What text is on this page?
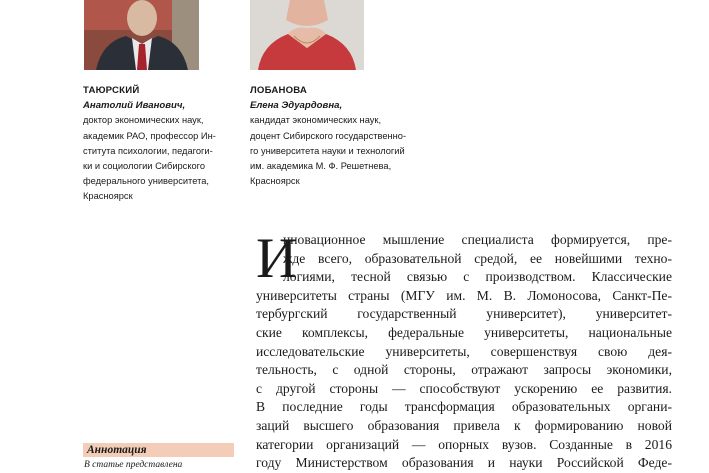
ТАЮРСКИЙ
Анатолий Иванович,
доктор экономических наук,
академик РАО, профессор Ин-
ститута психологии, педагоги-
ки и социологии Сибирского
федерального университета,
Красноярск
ЛОБАНОВА
Елена Эдуардовна,
кандидат экономических наук,
доцент Сибирского государственно-
го университета науки и технологий
им. академика М. Ф. Решетнева,
Красноярск
И
нновационное мышление специалиста формируется, пре-
жде всего, образовательной средой, ее новейшими техно-
логиями, тесной связью с производством. Классические
университеты страны (МГУ им. М. В. Ломоносова, Санкт-Пе-
тербургский государственный университет), университет-
ские комплексы, федеральные университеты, национальные
исследовательские университеты, совершенствуя свою дея-
тельность, с одной стороны, отражают запросы экономики,
с другой стороны — способствуют ускорению ее развития.
В последние годы трансформация образовательных органи-
заций высшего образования привела к формированию новой
категории организаций — опорных вузов. Созданные в 2016
году Министерством образования и науки Российской Феде-
Аннотация
В статье представлена
